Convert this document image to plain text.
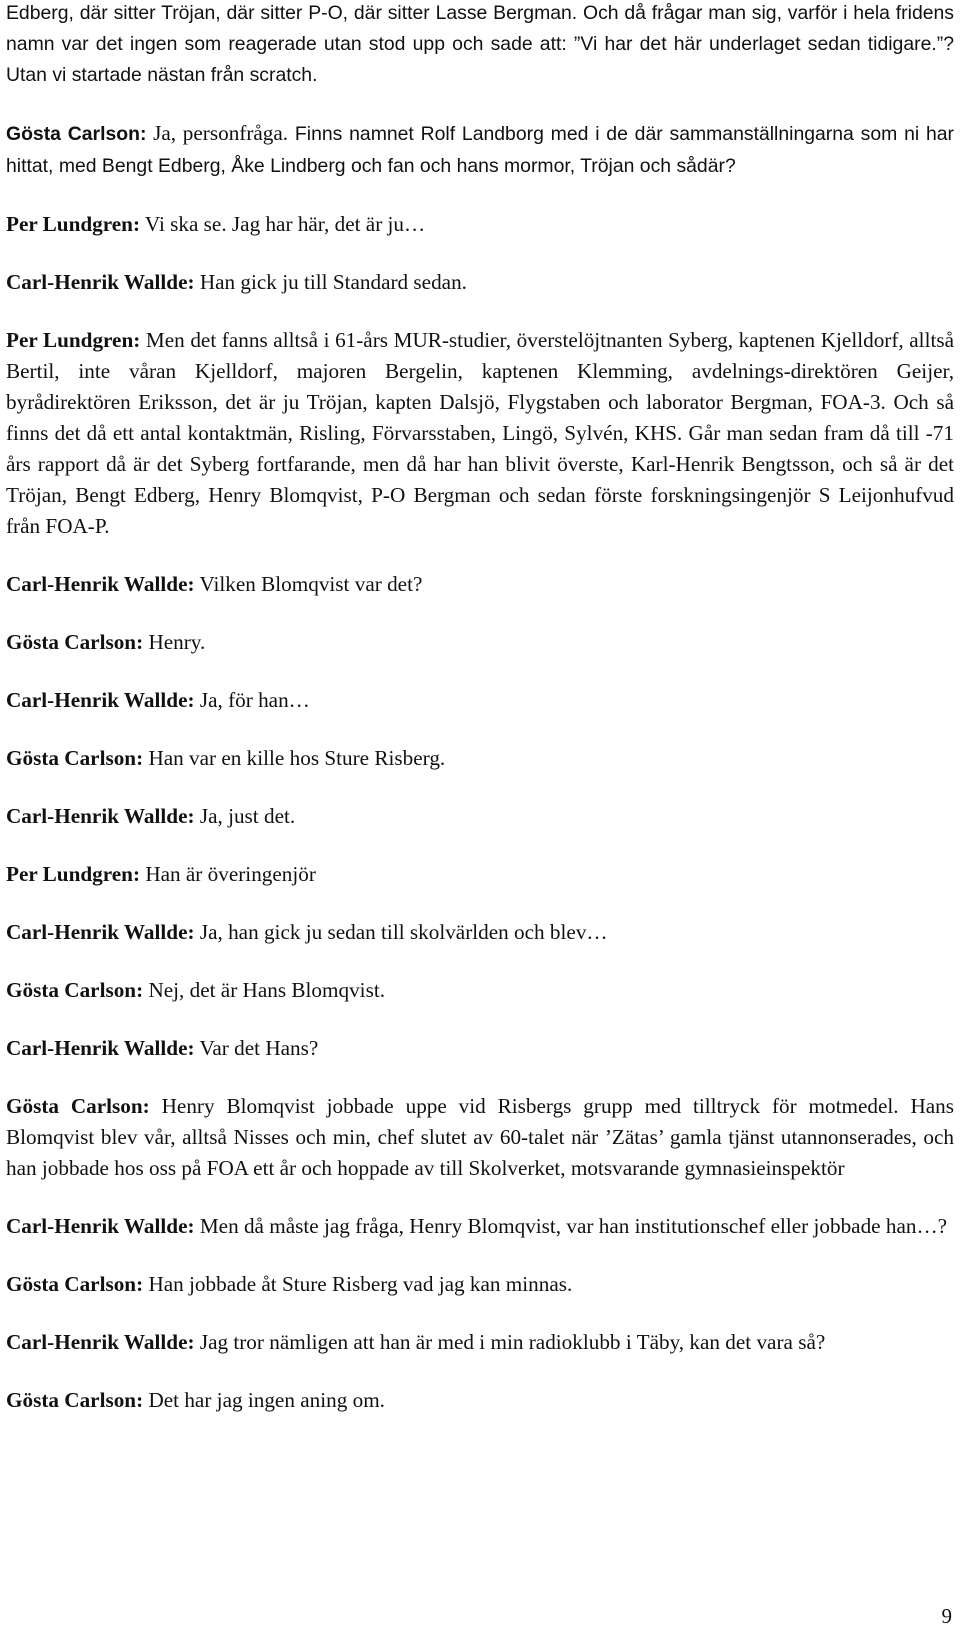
Edberg, där sitter Tröjan, där sitter P-O, där sitter Lasse Bergman. Och då frågar man sig, varför i hela fridens namn var det ingen som reagerade utan stod upp och sade att: ”Vi har det här underlaget sedan tidigare.”? Utan vi startade nästan från scratch.

Gösta Carlson: Ja, personfråga. Finns namnet Rolf Landborg med i de där sammanställningarna som ni har hittat, med Bengt Edberg, Åke Lindberg och fan och hans mormor, Tröjan och sådär?

Per Lundgren: Vi ska se. Jag har här, det är ju…

Carl-Henrik Wallde: Han gick ju till Standard sedan.

Per Lundgren: Men det fanns alltså i 61-års MUR-studier, överstelöjtnanten Syberg, kaptenen Kjelldorf, alltså Bertil, inte våran Kjelldorf, majoren Bergelin, kaptenen Klemming, avdelnings-direktören Geijer, byrådirektören Eriksson, det är ju Tröjan, kapten Dalsjö, Flygstaben och laborator Bergman, FOA-3. Och så finns det då ett antal kontaktmän, Risling, Förvarsstaben, Lingö, Sylvén, KHS. Går man sedan fram då till -71 års rapport då är det Syberg fortfarande, men då har han blivit överste, Karl-Henrik Bengtsson, och så är det Tröjan, Bengt Edberg, Henry Blomqvist, P-O Bergman och sedan förste forskningsingenjör S Leijonhufvud från FOA-P.

Carl-Henrik Wallde: Vilken Blomqvist var det?

Gösta Carlson: Henry.

Carl-Henrik Wallde: Ja, för han…

Gösta Carlson: Han var en kille hos Sture Risberg.

Carl-Henrik Wallde: Ja, just det.

Per Lundgren: Han är överingenjör

Carl-Henrik Wallde: Ja, han gick ju sedan till skolvärlden och blev…

Gösta Carlson: Nej, det är Hans Blomqvist.

Carl-Henrik Wallde: Var det Hans?

Gösta Carlson: Henry Blomqvist jobbade uppe vid Risbergs grupp med tilltryck för motmedel. Hans Blomqvist blev vår, alltså Nisses och min, chef slutet av 60-talet när ’Zätas’ gamla tjänst utannonserades, och han jobbade hos oss på FOA ett år och hoppade av till Skolverket, motsvarande gymnasieinspektör

Carl-Henrik Wallde: Men då måste jag fråga, Henry Blomqvist, var han institutionschef eller jobbade han…?

Gösta Carlson: Han jobbade åt Sture Risberg vad jag kan minnas.

Carl-Henrik Wallde: Jag tror nämligen att han är med i min radioklubb i Täby, kan det vara så?

Gösta Carlson: Det har jag ingen aning om.

9
